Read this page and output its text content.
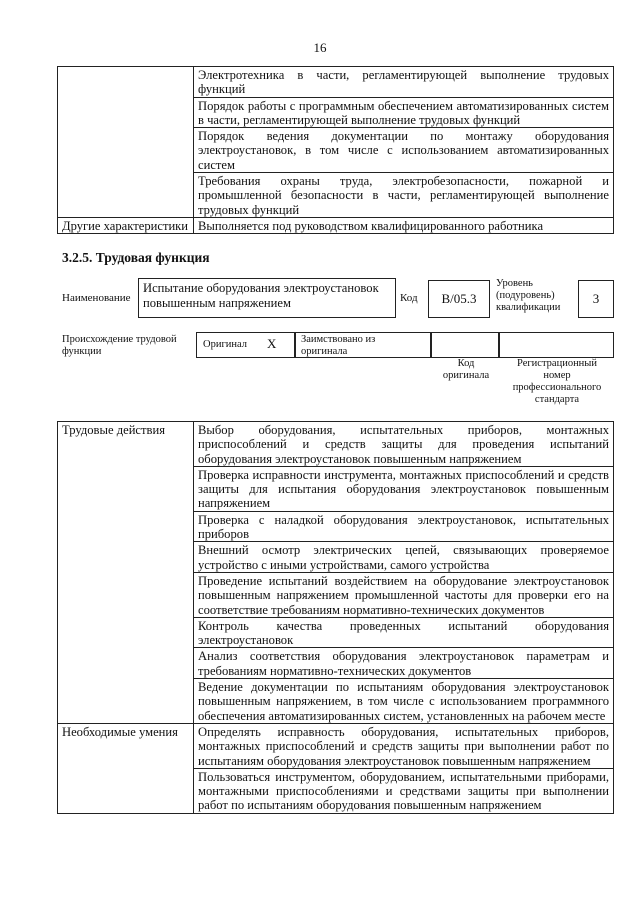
16
	Электротехника в части, регламентирующей выполнение трудовых функций
	Порядок работы с программным обеспечением автоматизированных систем в части, регламентирующей выполнение трудовых функций
	Порядок ведения документации по монтажу оборудования электроустановок, в том числе с использованием автоматизированных систем
	Требования охраны труда, электробезопасности, пожарной и промышленной безопасности в части, регламентирующей выполнение трудовых функций
Другие характеристики	Выполняется под руководством квалифицированного работника
3.2.5. Трудовая функция
Наименование
Испытание оборудования электроустановок повышенным напряжением	Код	B/05.3
Уровень (подуровень) квалификации
3
Происхождение трудовой функции
Оригинал X Заимствовано из оригинала
Код оригинала
Регистрационный номер профессионального стандарта
Трудовые действия	Выбор оборудования, испытательных приборов, монтажных приспособлений и средств защиты для проведения испытаний оборудования электроустановок повышенным напряжением
	Проверка исправности инструмента, монтажных приспособлений и средств защиты для испытания оборудования электроустановок повышенным напряжением
	Проверка с наладкой оборудования электроустановок, испытательных приборов
	Внешний осмотр электрических цепей, связывающих проверяемое устройство с иными устройствами, самого устройства
	Проведение испытаний воздействием на оборудование электроустановок повышенным напряжением промышленной частоты для проверки его на соответствие требованиям нормативно-технических документов
	Контроль качества проведенных испытаний оборудования электроустановок
	Анализ соответствия оборудования электроустановок параметрам и требованиям нормативно-технических документов
	Ведение документации по испытаниям оборудования электроустановок повышенным напряжением, в том числе с использованием программного обеспечения автоматизированных систем, установленных на рабочем месте
Необходимые умения	Определять исправность оборудования, испытательных приборов, монтажных приспособлений и средств защиты при выполнении работ по испытаниям оборудования электроустановок повышенным напряжением
	Пользоваться инструментом, оборудованием, испытательными приборами, монтажными приспособлениями и средствами защиты при выполнении работ по испытаниям оборудования повышенным напряжением
